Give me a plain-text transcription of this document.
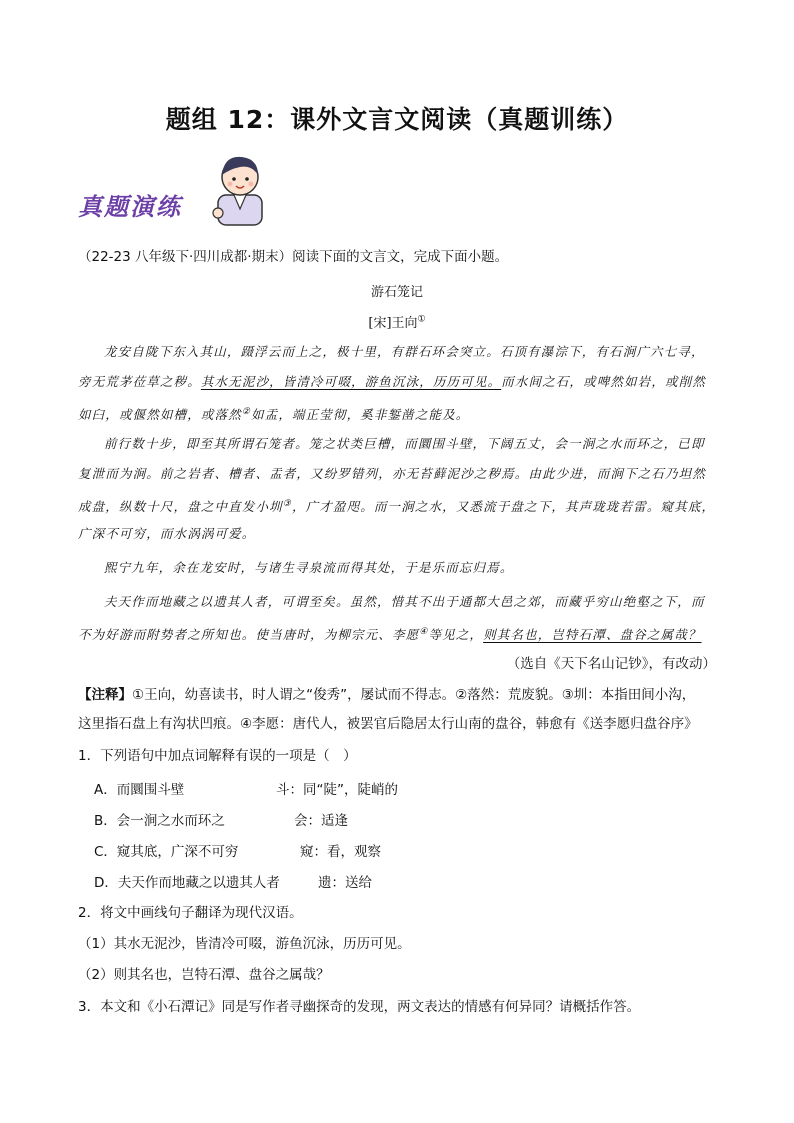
题组 12：课外文言文阅读（真题训练）
真题演练
（22-23 八年级下·四川成都·期末）阅读下面的文言文，完成下面小题。
游石笼记
[宋]王向①
龙安自陇下东入其山，蹑浮云而上之，极十里，有群石环会突立。石顶有瀑淙下，有石涧广六七寻，
旁无荒茅莅草之秽。其水无泥沙，皆清冷可啜，游鱼沉泳，历历可见。而水间之石，或啤然如岩，或削然
如臼，或偃然如槽，或落然②如盂，端正莹彻，奚非錾凿之能及。
前行数十步，即至其所谓石笼者。笼之状类巨槽，而圜围斗壁，下阔五丈，会一涧之水而环之，已即
复泄而为涧。前之岩者、槽者、盂者，又纷罗错列，亦无苔藓泥沙之秽焉。由此少进，而涧下之石乃坦然
成盘，纵数十尺，盘之中直发小圳③，广才盈咫。而一涧之水，又悉流于盘之下，其声珑珑若雷。窥其底，
广深不可穷，而水涡涡可爱。
熙宁九年，余在龙安时，与诸生寻泉流而得其处，于是乐而忘归焉。
夫天作而地藏之以遗其人者，可谓至矣。虽然，惜其不出于通都大邑之郊，而藏乎穷山绝壑之下，而
不为好游而附势者之所知也。使当唐时，为柳宗元、李愿④等见之，则其名也，岂特石潭、盘谷之属哉？
（选自《天下名山记钞》，有改动）
【注释】①王向，幼喜读书，时人谓之“俊秀”，屡试而不得志。②落然：荒废貌。③圳：本指田间小沟，
这里指石盘上有沟状凹痕。④李愿：唐代人，被罢官后隐居太行山南的盘谷，韩愈有《送李愿归盘谷序》
1．下列语句中加点词解释有误的一项是（　）
A．而圜围斗壁	斗：同“陡”，陡峭的
B．会一涧之水而环之	会：适逢
C．窥其底，广深不可穷	窥：看，观察
D．夫天作而地藏之以遗其人者	遗：送给
2．将文中画线句子翻译为现代汉语。
（1）其水无泥沙，皆清冷可啜，游鱼沉泳，历历可见。
（2）则其名也，岂特石潭、盘谷之属哉？
3．本文和《小石潭记》同是写作者寻幽探奇的发现，两文表达的情感有何异同？请概括作答。
